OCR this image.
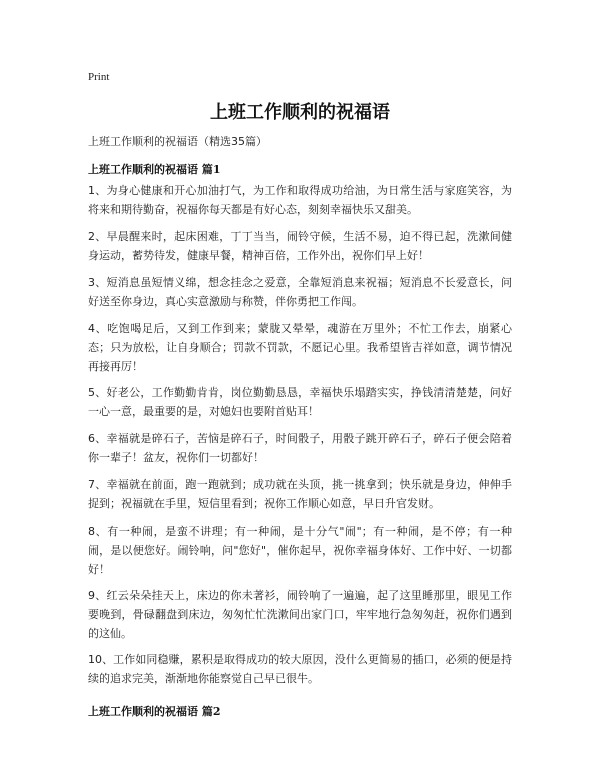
Print
上班工作顺利的祝福语
上班工作顺利的祝福语（精选35篇）
上班工作顺利的祝福语 篇1

1、为身心健康和开心加油打气，为工作和取得成功给油，为日常生活与家庭笑容，为将来和期待勤奋，祝福你每天都是有好心态，刻刻幸福快乐又甜美。

2、早晨醒来时，起床困难，丁丁当当，闹铃守候，生活不易，迫不得已起，洗漱间健身运动，蓄势待发，健康早餐，精神百倍，工作外出，祝你们早上好！

3、短消息虽短情义绵，想念挂念之爱意，全靠短消息来祝福；短消息不长爱意长，问好送至你身边，真心实意激励与称赞，伴你勇把工作闯。

4、吃饱喝足后，又到工作到来；蒙胧又晕晕，魂游在万里外；不忙工作去，崩紧心态；只为放松，让自身顺合；罚款不罚款，不愿记心里。我希望皆吉祥如意，调节情况再接再厉！

5、好老公，工作勤勤肯肯，岗位勤勤恳恳，幸福快乐塌踏实实，挣钱清清楚楚，问好一心一意，最重要的是，对媳妇也要附首贴耳！

6、幸福就是碎石子，苦恼是碎石子，时间骰子，用骰子跳开碎石子，碎石子便会陪着你一辈子！盆友，祝你们一切都好！

7、幸福就在前面，跑一跑就到；成功就在头顶，挑一挑拿到；快乐就是身边，伸伸手捉到；祝福就在手里，短信里看到；祝你工作顺心如意，早日升官发财。

8、有一种闹，是蛮不讲理；有一种闹，是十分气"闹"；有一种闹，是不停；有一种闹，是以便您好。闹铃响，问"您好"，催你起早，祝你幸福身体好、工作中好、一切都好！

9、红云朵朵挂天上，床边的你未著衫，闹铃响了一遍遍，起了这里睡那里，眼见工作要晚到，骨碌翻盘到床边，匆匆忙忙洗漱间出家门口，牢牢地行急匆匆赶，祝你们遇到的这仙。

10、工作如同稳赚，累积是取得成功的较大原因，没什么更简易的插口，必须的便是持续的追求完美，渐渐地你能察觉自己早已很牛。

上班工作顺利的祝福语 篇2
